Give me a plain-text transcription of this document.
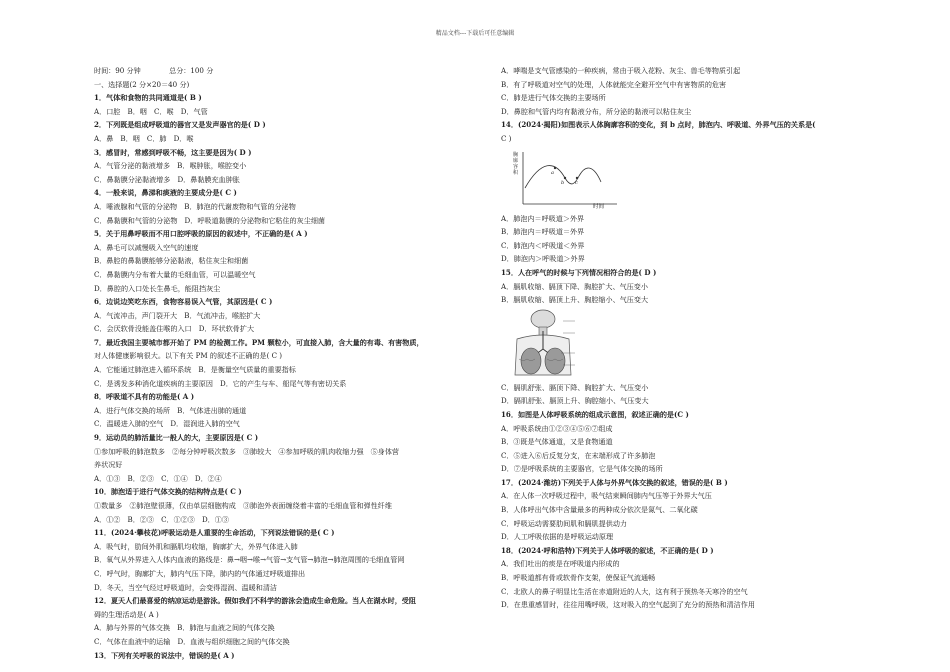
精品文档---下载后可任意编辑
时间：90 分钟　　　　总分：100 分
一、选择题(2 分×20＝40 分)
1．气体和食物的共同通道是( B )
A．口腔　B．咽　C．喉　D．气管
2．下列既是组成呼吸道的器官又是发声器官的是( D )
A．鼻　B．咽　C．肺　D．喉
3．感冒时，常感到呼吸不畅，这主要是因为( D )
A．气管分泌的黏液增多　B．喉肿胀，喉腔变小
C．鼻黏膜分泌黏液增多　D．鼻黏膜充血肿胀
4．一般来说，鼻涕和痰液的主要成分是( C )
A．唾液腺和气管的分泌物　B．肺泡的代谢废物和气管的分泌物
C．鼻黏膜和气管的分泌物　D．呼吸道黏膜的分泌物和它粘住的灰尘细菌
5．关于用鼻呼吸而不用口腔呼吸的原因的叙述中，不正确的是( A )
A．鼻毛可以减慢吸入空气的速度
B．鼻腔的鼻黏膜能够分泌黏液，粘住灰尘和细菌
C．鼻黏膜内分布着大量的毛细血管，可以温暖空气
D．鼻腔的入口处长生鼻毛，能阻挡灰尘
6．边说边笑吃东西，食物容易误入气管，其原因是( C )
A．气流冲击，声门裂开大　B．气流冲击，喉腔扩大
C．会厌软骨没能盖住喉的入口　D．环状软骨扩大
7．最近我国主要城市都开始了 PM 的检测工作。PM 颗粒小，可直接入肺，含大量的有毒、有害物质，
对人体健康影响很大。以下有关 PM 的叙述不正确的是( C )
A．它能通过肺泡进入循环系统　B．是衡量空气质量的重要指标
C．是诱发多种消化道疾病的主要原因　D．它的产生与车、船尾气等有密切关系
8．呼吸道不具有的功能是( A )
A．进行气体交换的场所　B．气体进出肺的通道
C．温暖进入肺的空气　D．湿润进入肺的空气
9．运动员的肺活量比一般人的大，主要原因是( C )
①参加呼吸的肺泡数多　②每分钟呼吸次数多　③肺较大　④参加呼吸的肌肉收缩力强　⑤身体营
养状况好
A．①③　B．②③　C．①④　D．②④
10．肺泡适于进行气体交换的结构特点是( C )
①数量多　②肺泡壁很薄，仅由单层细胞构成　③肺泡外表面缠绕着丰富的毛细血管和弹性纤维
A．①②　B．②③　C．①②③　D．①③
11．(2024·攀枝花)呼吸运动是人重要的生命活动，下列说法错误的是( C )
A．吸气时，肋间外肌和膈肌均收缩，胸廓扩大，外界气体进入肺
B．氧气从外界进入人体内血液的路线是：鼻→咽→喉→气管→支气管→肺泡→肺泡周围的毛细血管网
C．呼气时，胸廓扩大，肺内气压下降，肺内的气体通过呼吸道排出
D．冬天，当空气经过呼吸道时，会变得湿润、温暖和清洁
12．夏天人们最喜爱的纳凉运动是游泳。假如我们不科学的游泳会造成生命危险。当人在湖水时，受阻
碍的生理活动是( A )
A．肺与外界的气体交换　B．肺泡与血液之间的气体交换
C．气体在血液中的运输　D．血液与组织细胞之间的气体交换
13．下列有关呼吸的说法中，错误的是( A )
A．哮喘是支气管感染的一种疾病，常由于吸入花粉、灰尘、兽毛等物质引起
B．有了呼吸道对空气的处理，人体就能完全避开空气中有害物质的危害
C．肺是进行气体交换的主要场所
D．鼻腔和气管内均有黏液分布，所分泌的黏液可以粘住灰尘
14．(2024·揭阳)如图表示人体胸廓容积的变化，到 b 点时，肺泡内、呼吸道、外界气压的关系是(
C )
胸廓容积
时间
a
b c
A．肺泡内＝呼吸道＞外界
B．肺泡内＝呼吸道＝外界
C．肺泡内＜呼吸道＜外界
D．肺泡内＞呼吸道＞外界
15．人在呼气的时候与下列情况相符合的是( D )
A．膈肌收缩、膈顶下降、胸腔扩大、气压变小
B．膈肌收缩、膈顶上升、胸腔缩小、气压变大
C．膈肌舒张、膈顶下降、胸腔扩大、气压变小
D．膈肌舒张、膈顶上升、胸腔缩小、气压变大
16．如图是人体呼吸系统的组成示意图，叙述正确的是(C )
A．呼吸系统由①②③④⑤⑥⑦组成
B．③既是气体通道，又是食物通道
C．⑤进入⑥后反复分支，在末端形成了许多肺泡
D．⑦是呼吸系统的主要器官，它是气体交换的场所
17．(2024·潍坊)下列关于人体与外界气体交换的叙述，错误的是( B )
A．在人体一次呼吸过程中，吸气结束瞬间肺内气压等于外界大气压
B．人体呼出气体中含量最多的两种成分依次是氮气、二氧化碳
C．呼吸运动需要肋间肌和膈肌提供动力
D．人工呼吸依据的是呼吸运动原理
18．(2024·呼和浩特)下列关于人体呼吸的叙述，不正确的是( D )
A．我们吐出的痰是在呼吸道内形成的
B．呼吸道都有骨或软骨作支架，使保证气流通畅
C．北欧人的鼻子明显比生活在赤道附近的人大，这有利于预热冬天寒冷的空气
D．在患重感冒时，往往用嘴呼吸，这对吸入的空气起到了充分的预热和清洁作用
